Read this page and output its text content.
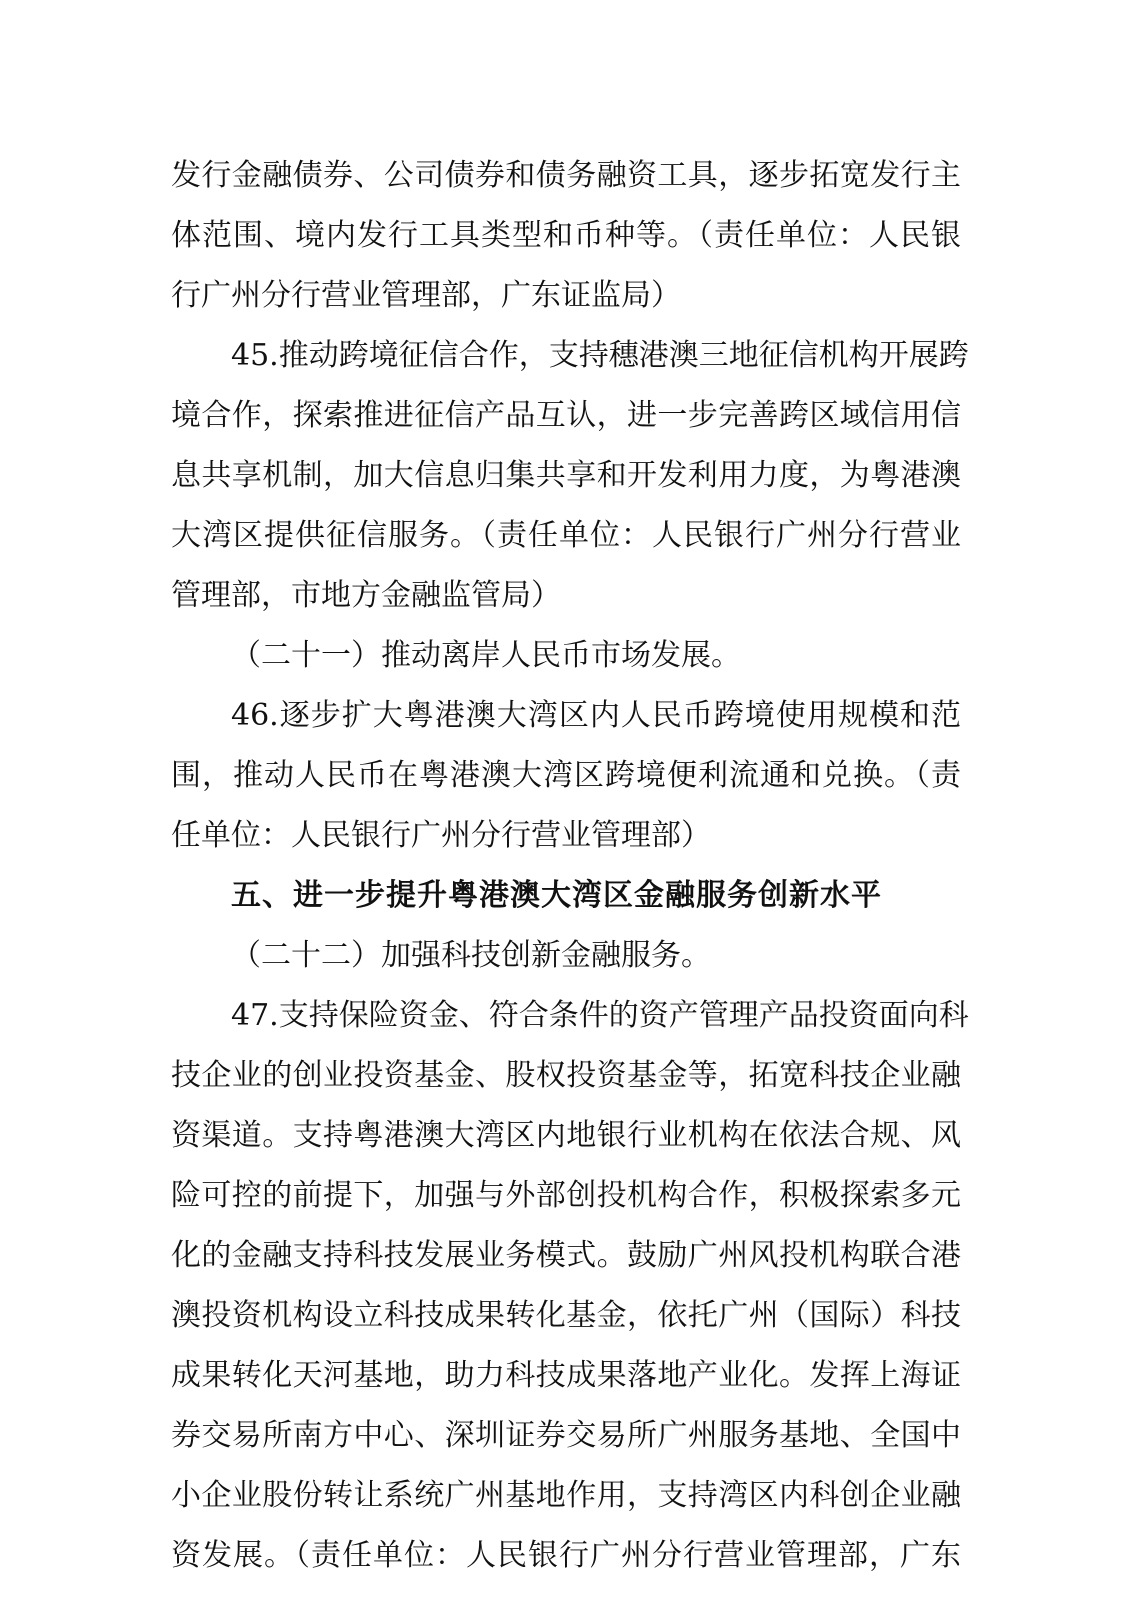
发行金融债券、公司债券和债务融资工具，逐步拓宽发行主
体范围、境内发行工具类型和币种等。（责任单位：人民银
行广州分行营业管理部，广东证监局）
45.推动跨境征信合作，支持穗港澳三地征信机构开展跨
境合作，探索推进征信产品互认，进一步完善跨区域信用信
息共享机制，加大信息归集共享和开发利用力度，为粤港澳
大湾区提供征信服务。（责任单位：人民银行广州分行营业
管理部，市地方金融监管局）
（二十一）推动离岸人民币市场发展。
46.逐步扩大粤港澳大湾区内人民币跨境使用规模和范
围，推动人民币在粤港澳大湾区跨境便利流通和兑换。（责
任单位：人民银行广州分行营业管理部）
五、进一步提升粤港澳大湾区金融服务创新水平
（二十二）加强科技创新金融服务。
47.支持保险资金、符合条件的资产管理产品投资面向科
技企业的创业投资基金、股权投资基金等，拓宽科技企业融
资渠道。支持粤港澳大湾区内地银行业机构在依法合规、风
险可控的前提下，加强与外部创投机构合作，积极探索多元
化的金融支持科技发展业务模式。鼓励广州风投机构联合港
澳投资机构设立科技成果转化基金，依托广州（国际）科技
成果转化天河基地，助力科技成果落地产业化。发挥上海证
券交易所南方中心、深圳证券交易所广州服务基地、全国中
小企业股份转让系统广州基地作用，支持湾区内科创企业融
资发展。（责任单位：人民银行广州分行营业管理部，广东
